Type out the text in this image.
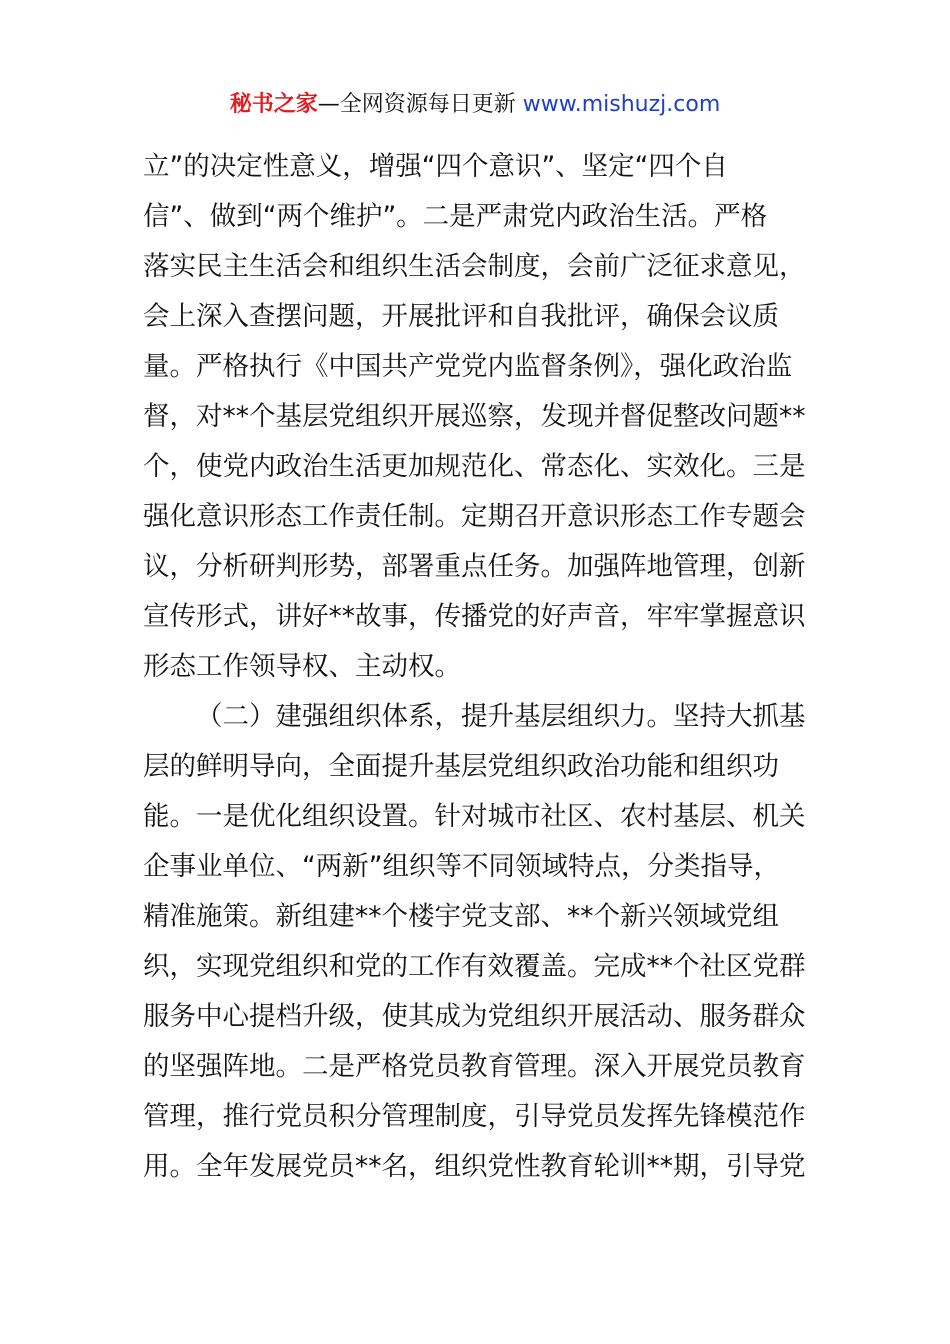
秘书之家—全网资源每日更新 www.mishuzj.com
立”的决定性意义，增强“四个意识”、坚定“四个自
信”、做到“两个维护”。二是严肃党内政治生活。严格
落实民主生活会和组织生活会制度，会前广泛征求意见，
会上深入查摆问题，开展批评和自我批评，确保会议质
量。严格执行《中国共产党党内监督条例》，强化政治监
督，对**个基层党组织开展巡察，发现并督促整改问题**
个，使党内政治生活更加规范化、常态化、实效化。三是
强化意识形态工作责任制。定期召开意识形态工作专题会
议，分析研判形势，部署重点任务。加强阵地管理，创新
宣传形式，讲好**故事，传播党的好声音，牢牢掌握意识
形态工作领导权、主动权。
（二）建强组织体系，提升基层组织力。坚持大抓基
层的鲜明导向，全面提升基层党组织政治功能和组织功
能。一是优化组织设置。针对城市社区、农村基层、机关
企事业单位、“两新”组织等不同领域特点，分类指导，
精准施策。新组建**个楼宇党支部、**个新兴领域党组
织，实现党组织和党的工作有效覆盖。完成**个社区党群
服务中心提档升级，使其成为党组织开展活动、服务群众
的坚强阵地。二是严格党员教育管理。深入开展党员教育
管理，推行党员积分管理制度，引导党员发挥先锋模范作
用。全年发展党员**名，组织党性教育轮训**期，引导党
